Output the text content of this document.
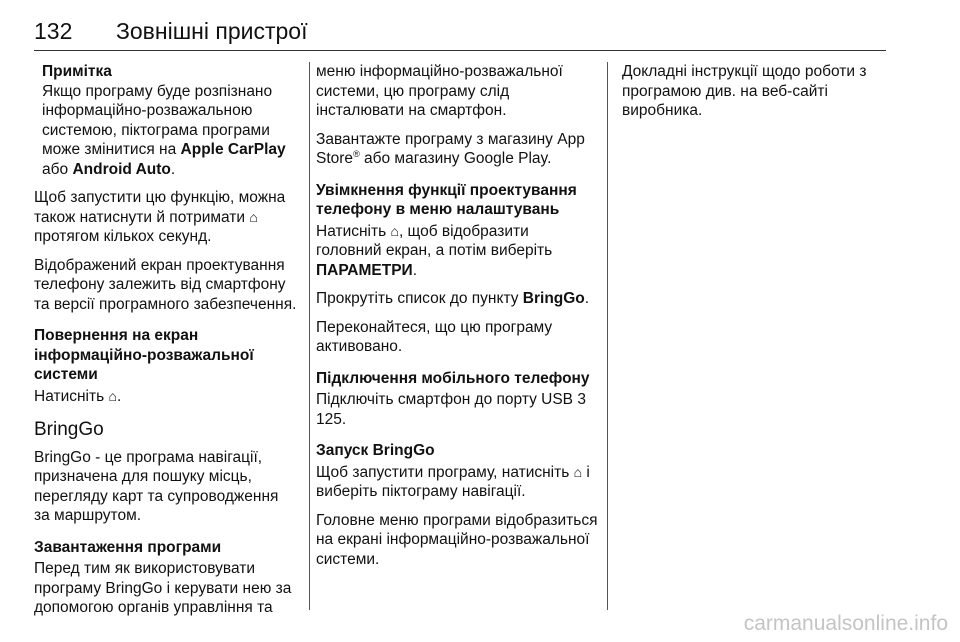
132 Зовнішні пристрої
Примітка
Якщо програму буде розпізнано інформаційно-розважальною системою, піктограма програми може змінитися на Apple CarPlay або Android Auto.

Щоб запустити цю функцію, можна також натиснути й потримати ⌂ протягом кількох секунд.

Відображений екран проектування телефону залежить від смартфону та версії програмного забезпечення.

Повернення на екран інформаційно-розважальної системи

Натисніть ⌂.

BringGo

BringGo - це програма навігації, призначена для пошуку місць, перегляду карт та супроводження за маршрутом.

Завантаження програми

Перед тим як використовувати програму BringGo і керувати нею за допомогою органів управління та

меню інформаційно-розважальної системи, цю програму слід інсталювати на смартфон.

Завантажте програму з магазину App Store® або магазину Google Play.

Увімкнення функції проектування телефону в меню налаштувань

Натисніть ⌂, щоб відобразити головний екран, а потім виберіть ПАРАМЕТРИ.

Прокрутіть список до пункту BringGo.

Переконайтеся, що цю програму активовано.

Підключення мобільного телефону

Підключіть смартфон до порту USB 3 125.

Запуск BringGo

Щоб запустити програму, натисніть ⌂ і виберіть піктограму навігації.

Головне меню програми відобразиться на екрані інформаційно-розважальної системи.

Докладні інструкції щодо роботи з програмою див. на веб-сайті виробника.

carmanualsonline.info
